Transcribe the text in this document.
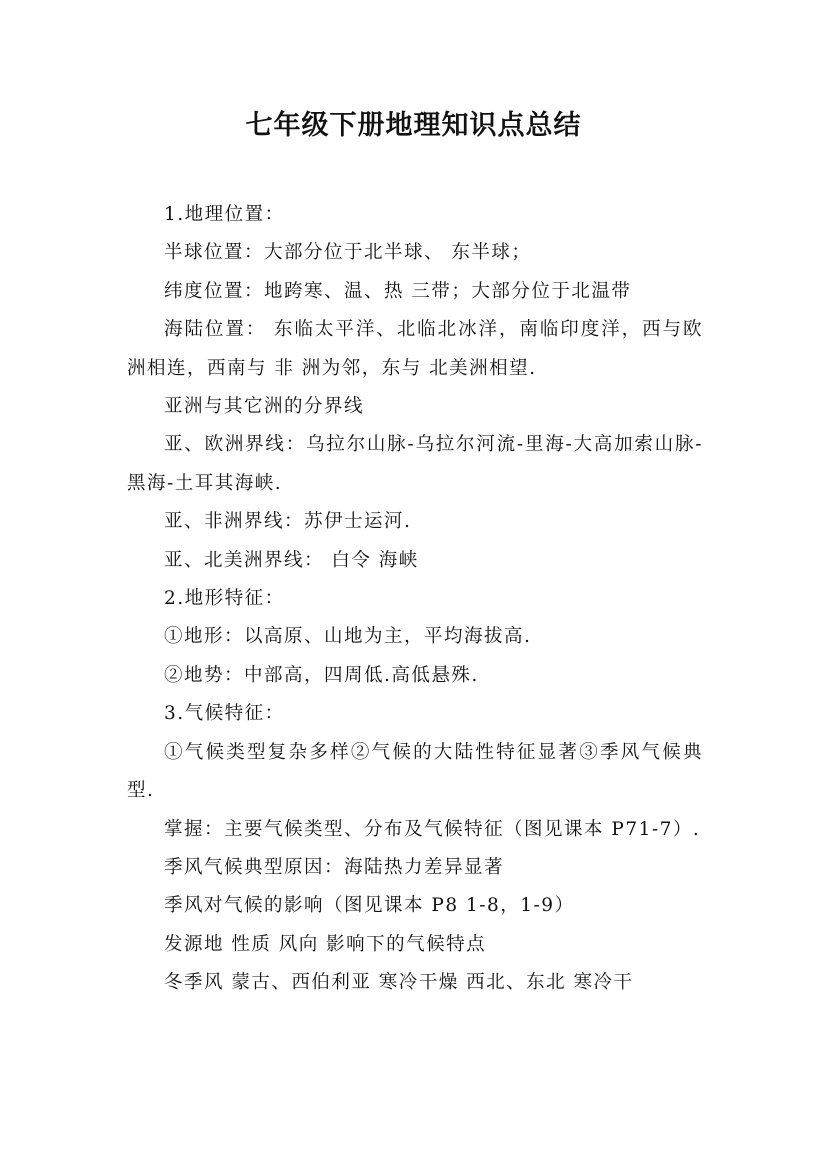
七年级下册地理知识点总结

1.地理位置：

半球位置：大部分位于北半球、 东半球；

纬度位置：地跨寒、温、热 三带；大部分位于北温带

海陆位置： 东临太平洋、北临北冰洋，南临印度洋，西与欧 洲相连，西南与 非 洲为邻，东与 北美洲相望.

亚洲与其它洲的分界线

亚、欧洲界线：乌拉尔山脉-乌拉尔河流-里海-大高加索山脉-黑海-土耳其海峡.

亚、非洲界线：苏伊士运河.

亚、北美洲界线： 白令 海峡

2.地形特征：

①地形：以高原、山地为主，平均海拔高.

②地势：中部高，四周低.高低悬殊.

3.气候特征：

①气候类型复杂多样②气候的大陆性特征显著③季风气候典型.

掌握：主要气候类型、分布及气候特征（图见课本 P71-7）.

季风气候典型原因：海陆热力差异显著

季风对气候的影响（图见课本 P8 1-8，1-9）

发源地 性质 风向 影响下的气候特点

冬季风 蒙古、西伯利亚 寒冷干燥 西北、东北 寒冷干
